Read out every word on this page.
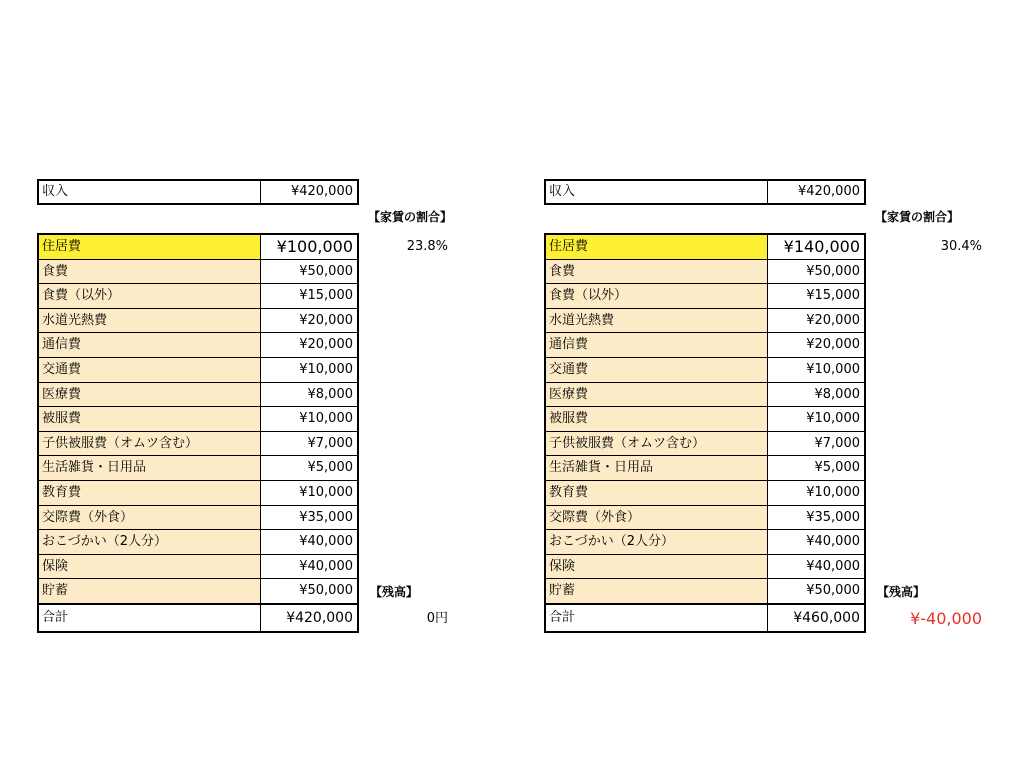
収入	¥420,000
【家賃の割合】
23.8%
住居費	¥100,000
食費	¥50,000
食費（以外）	¥15,000
水道光熱費	¥20,000
通信費	¥20,000
交通費	¥10,000
医療費	¥8,000
被服費	¥10,000
子供被服費（オムツ含む）	¥7,000
生活雑貨・日用品	¥5,000
教育費	¥10,000
交際費（外食）	¥35,000
おこづかい（2人分）	¥40,000
保険	¥40,000
貯蓄	¥50,000	【残高】
合計	¥420,000	0円
収入	¥420,000
【家賃の割合】
30.4%
住居費	¥140,000
食費	¥50,000
食費（以外）	¥15,000
水道光熱費	¥20,000
通信費	¥20,000
交通費	¥10,000
医療費	¥8,000
被服費	¥10,000
子供被服費（オムツ含む）	¥7,000
生活雑貨・日用品	¥5,000
教育費	¥10,000
交際費（外食）	¥35,000
おこづかい（2人分）	¥40,000
保険	¥40,000
貯蓄	¥50,000	【残高】
合計	¥460,000	¥-40,000
